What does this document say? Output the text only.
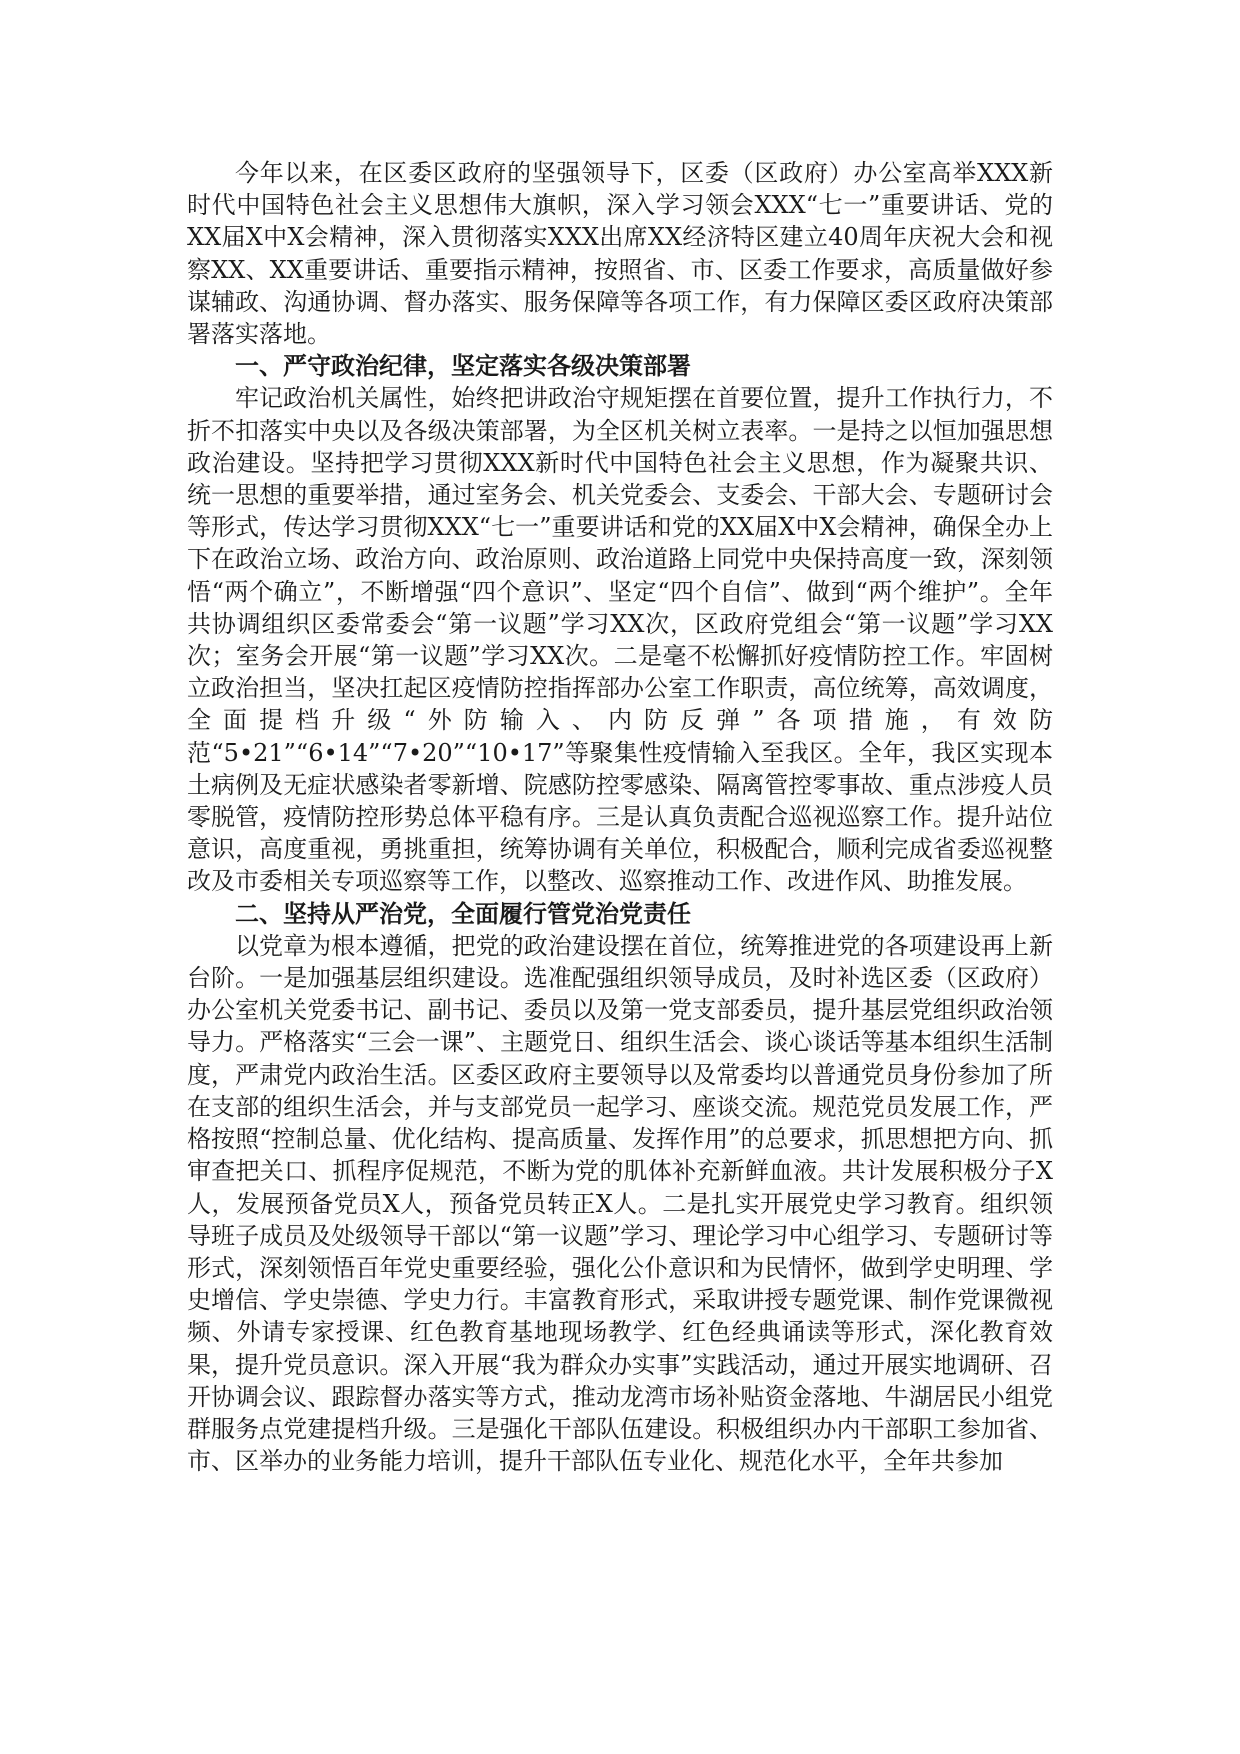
今年以来，在区委区政府的坚强领导下，区委（区政府）办公室高举XXX新时代中国特色社会主义思想伟大旗帜，深入学习领会XXX“七一”重要讲话、党的XX届X中X会精神，深入贯彻落实XXX出席XX经济特区建立40周年庆祝大会和视察XX、XX重要讲话、重要指示精神，按照省、市、区委工作要求，高质量做好参谋辅政、沟通协调、督办落实、服务保障等各项工作，有力保障区委区政府决策部署落实落地。

一、严守政治纪律，坚定落实各级决策部署

牢记政治机关属性，始终把讲政治守规矩摆在首要位置，提升工作执行力，不折不扣落实中央以及各级决策部署，为全区机关树立表率。一是持之以恒加强思想政治建设。坚持把学习贯彻XXX新时代中国特色社会主义思想，作为凝聚共识、统一思想的重要举措，通过室务会、机关党委会、支委会、干部大会、专题研讨会等形式，传达学习贯彻XXX“七一”重要讲话和党的XX届X中X会精神，确保全办上下在政治立场、政治方向、政治原则、政治道路上同党中央保持高度一致，深刻领悟“两个确立”，不断增强“四个意识”、坚定“四个自信”、做到“两个维护”。全年共协调组织区委常委会“第一议题”学习XX次，区政府党组会“第一议题”学习XX次；室务会开展“第一议题”学习XX次。二是毫不松懈抓好疫情防控工作。牢固树立政治担当，坚决扛起区疫情防控指挥部办公室工作职责，高位统筹，高效调度，全面提档升级“外防输入、内防反弹”各项措施，有效防范“5•21”“6•14”“7•20”“10•17”等聚集性疫情输入至我区。全年，我区实现本土病例及无症状感染者零新增、院感防控零感染、隔离管控零事故、重点涉疫人员零脱管，疫情防控形势总体平稳有序。三是认真负责配合巡视巡察工作。提升站位意识，高度重视，勇挑重担，统筹协调有关单位，积极配合，顺利完成省委巡视整改及市委相关专项巡察等工作，以整改、巡察推动工作、改进作风、助推发展。

二、坚持从严治党，全面履行管党治党责任

以党章为根本遵循，把党的政治建设摆在首位，统筹推进党的各项建设再上新台阶。一是加强基层组织建设。选准配强组织领导成员，及时补选区委（区政府）办公室机关党委书记、副书记、委员以及第一党支部委员，提升基层党组织政治领导力。严格落实“三会一课”、主题党日、组织生活会、谈心谈话等基本组织生活制度，严肃党内政治生活。区委区政府主要领导以及常委均以普通党员身份参加了所在支部的组织生活会，并与支部党员一起学习、座谈交流。规范党员发展工作，严格按照“控制总量、优化结构、提高质量、发挥作用”的总要求，抓思想把方向、抓审查把关口、抓程序促规范，不断为党的肌体补充新鲜血液。共计发展积极分子X人，发展预备党员X人，预备党员转正X人。二是扎实开展党史学习教育。组织领导班子成员及处级领导干部以“第一议题”学习、理论学习中心组学习、专题研讨等形式，深刻领悟百年党史重要经验，强化公仆意识和为民情怀，做到学史明理、学史增信、学史崇德、学史力行。丰富教育形式，采取讲授专题党课、制作党课微视频、外请专家授课、红色教育基地现场教学、红色经典诵读等形式，深化教育效果，提升党员意识。深入开展“我为群众办实事”实践活动，通过开展实地调研、召开协调会议、跟踪督办落实等方式，推动龙湾市场补贴资金落地、牛湖居民小组党群服务点党建提档升级。三是强化干部队伍建设。积极组织办内干部职工参加省、市、区举办的业务能力培训，提升干部队伍专业化、规范化水平，全年共参加
